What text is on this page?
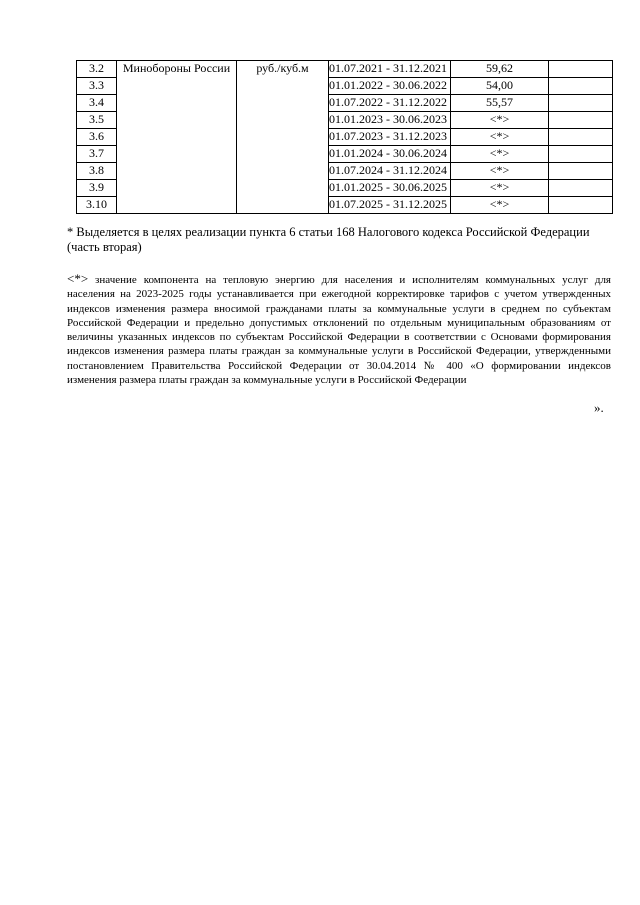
3.2	Минобороны России	руб./куб.м	01.07.2021 - 31.12.2021	59,62	
3.3			01.01.2022 - 30.06.2022	54,00	
3.4			01.07.2022 - 31.12.2022	55,57	
3.5			01.01.2023 - 30.06.2023	<*>	
3.6			01.07.2023 - 31.12.2023	<*>	
3.7			01.01.2024 - 30.06.2024	<*>	
3.8			01.07.2024 - 31.12.2024	<*>	
3.9			01.01.2025 - 30.06.2025	<*>	
3.10			01.07.2025 - 31.12.2025	<*>	
* Выделяется в целях реализации пункта 6 статьи 168 Налогового кодекса Российской Федерации (часть вторая)
<*> значение компонента на тепловую энергию для населения и исполнителям коммунальных услуг для населения на 2023-2025 годы устанавливается при ежегодной корректировке тарифов с учетом утвержденных индексов изменения размера вносимой гражданами платы за коммунальные услуги в среднем по субъектам Российской Федерации и предельно допустимых отклонений по отдельным муниципальным образованиям от величины указанных индексов по субъектам Российской Федерации в соответствии с Основами формирования индексов изменения размера платы граждан за коммунальные услуги в Российской Федерации, утвержденными постановлением Правительства Российской Федерации от 30.04.2014 № 400 «О формировании индексов изменения размера платы граждан за коммунальные услуги в Российской Федерации
».
